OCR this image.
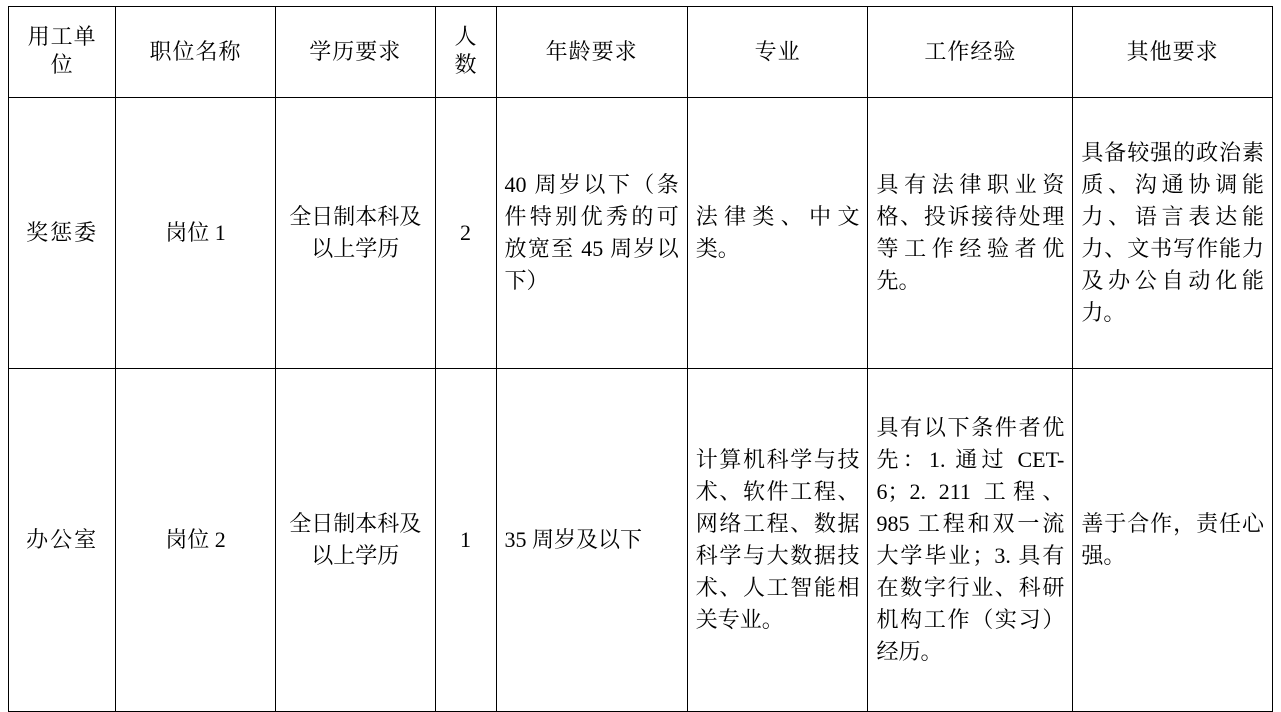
用工单位	职位名称	学历要求	人数	年龄要求	专业	工作经验	其他要求
奖惩委	岗位 1	全日制本科及以上学历	2	40 周岁以下（条件特别优秀的可放宽至 45 周岁以下）	法律类、中文类。	具有法律职业资格、投诉接待处理等工作经验者优先。	具备较强的政治素质、沟通协调能力、语言表达能力、文书写作能力及办公自动化能力。
办公室	岗位 2	全日制本科及以上学历	1	35 周岁及以下	计算机科学与技术、软件工程、网络工程、数据科学与大数据技术、人工智能相关专业。	具有以下条件者优先：1. 通过 CET-6；2. 211 工程、985 工程和双一流大学毕业；3. 具有在数字行业、科研机构工作（实习）经历。	善于合作，责任心强。
